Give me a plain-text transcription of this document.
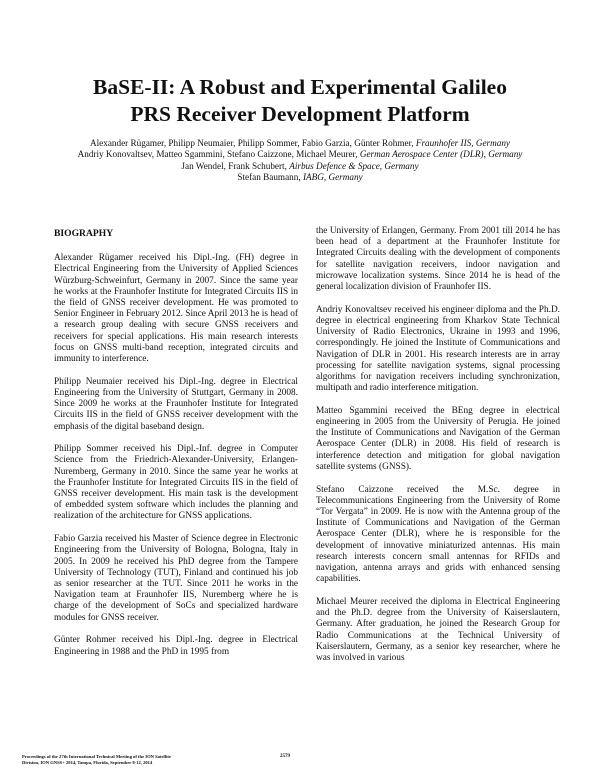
BaSE-II: A Robust and Experimental Galileo
PRS Receiver Development Platform
Alexander Rügamer, Philipp Neumaier, Philipp Sommer, Fabio Garzia, Günter Rohmer, Fraunhofer IIS, Germany
Andriy Konovaltsev, Matteo Sgammini, Stefano Caizzone, Michael Meurer, German Aerospace Center (DLR), Germany
Jan Wendel, Frank Schubert, Airbus Defence & Space, Germany
Stefan Baumann, IABG, Germany
BIOGRAPHY

Alexander Rügamer received his Dipl.-Ing. (FH) degree in Electrical Engineering from the University of Applied Sciences Würzburg-Schweinfurt, Germany in 2007. Since the same year he works at the Fraunhofer Institute for Integrated Circuits IIS in the field of GNSS receiver development. He was promoted to Senior Engineer in February 2012. Since April 2013 he is head of a research group dealing with secure GNSS receivers and receivers for special applications. His main research interests focus on GNSS multi-band reception, integrated circuits and immunity to interference.

Philipp Neumaier received his Dipl.-Ing. degree in Electrical Engineering from the University of Stuttgart, Germany in 2008. Since 2009 he works at the Fraunhofer Institute for Integrated Circuits IIS in the field of GNSS receiver development with the emphasis of the digital baseband design.

Philipp Sommer received his Dipl.-Inf. degree in Computer Science from the Friedrich-Alexander-University, Erlangen-Nuremberg, Germany in 2010. Since the same year he works at the Fraunhofer Institute for Integrated Circuits IIS in the field of GNSS receiver development. His main task is the development of embedded system software which includes the planning and realization of the architecture for GNSS applications.

Fabio Garzia received his Master of Science degree in Electronic Engineering from the University of Bologna, Bologna, Italy in 2005. In 2009 he received his PhD degree from the Tampere University of Technology (TUT), Finland and continued his job as senior researcher at the TUT. Since 2011 he works in the Navigation team at Fraunhofer IIS, Nuremberg where he is charge of the development of SoCs and specialized hardware modules for GNSS receiver.

Günter Rohmer received his Dipl.-Ing. degree in Electrical Engineering in 1988 and the PhD in 1995 from

the University of Erlangen, Germany. From 2001 till 2014 he has been head of a department at the Fraunhofer Institute for Integrated Circuits dealing with the development of components for satellite navigation receivers, indoor navigation and microwave localization systems. Since 2014 he is head of the general localization division of Fraunhofer IIS.

Andriy Konovaltsev received his engineer diploma and the Ph.D. degree in electrical engineering from Kharkov State Technical University of Radio Electronics, Ukraine in 1993 and 1996, correspondingly. He joined the Institute of Communications and Navigation of DLR in 2001. His research interests are in array processing for satellite navigation systems, signal processing algorithms for navigation receivers including synchronization, multipath and radio interference mitigation.

Matteo Sgammini received the BEng degree in electrical engineering in 2005 from the University of Perugia. He joined the Institute of Communications and Navigation of the German Aerospace Center (DLR) in 2008. His field of research is interference detection and mitigation for global navigation satellite systems (GNSS).

Stefano Caizzone received the M.Sc. degree in Telecommunications Engineering from the University of Rome “Tor Vergata” in 2009. He is now with the Antenna group of the Institute of Communications and Navigation of the German Aerospace Center (DLR), where he is responsible for the development of innovative miniaturized antennas. His main research interests concern small antennas for RFIDs and navigation, antenna arrays and grids with enhanced sensing capabilities.

Michael Meurer received the diploma in Electrical Engineering and the Ph.D. degree from the University of Kaiserslautern, Germany. After graduation, he joined the Research Group for Radio Communications at the Technical University of Kaiserslautern, Germany, as a senior key researcher, where he was involved in various

Proceedings of the 27th International Technical Meeting of the ION Satellite
Division, ION GNSS+ 2014, Tampa, Florida, September 8-12, 2014
2579
